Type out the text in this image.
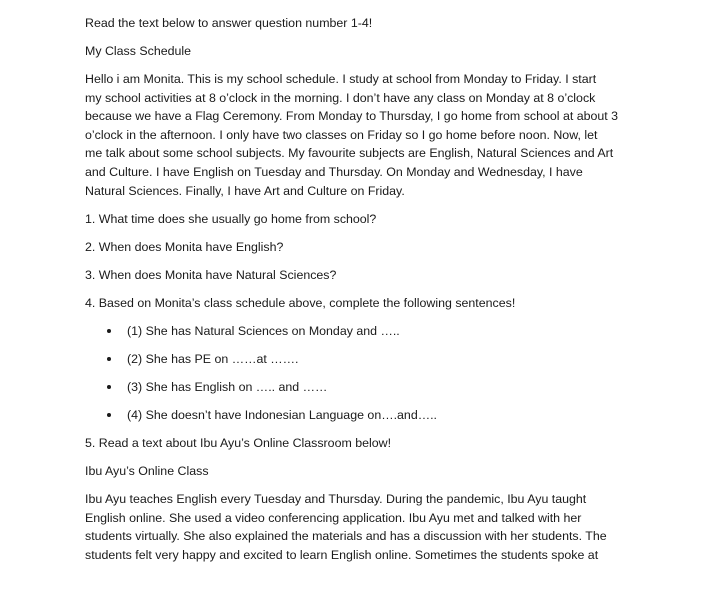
Read the text below to answer question number 1-4!
My Class Schedule
Hello i am Monita. This is my school schedule. I study at school from Monday to Friday. I start
my school activities at 8 o’clock in the morning. I don’t have any class on Monday at 8 o’clock
because we have a Flag Ceremony. From Monday to Thursday, I go home from school at about 3
o’clock in the afternoon. I only have two classes on Friday so I go home before noon. Now, let
me talk about some school subjects. My favourite subjects are English, Natural Sciences and Art
and Culture. I have English on Tuesday and Thursday. On Monday and Wednesday, I have
Natural Sciences. Finally, I have Art and Culture on Friday.
1. What time does she usually go home from school?
2. When does Monita have English?
3. When does Monita have Natural Sciences?
4. Based on Monita’s class schedule above, complete the following sentences!
(1) She has Natural Sciences on Monday and …..
(2) She has PE on ……at …….
(3) She has English on ….. and ……
(4) She doesn’t have Indonesian Language on….and…..
5. Read a text about Ibu Ayu’s Online Classroom below!
Ibu Ayu’s Online Class
Ibu Ayu teaches English every Tuesday and Thursday. During the pandemic, Ibu Ayu taught
English online. She used a video conferencing application. Ibu Ayu met and talked with her
students virtually. She also explained the materials and has a discussion with her students. The
students felt very happy and excited to learn English online. Sometimes the students spoke at
